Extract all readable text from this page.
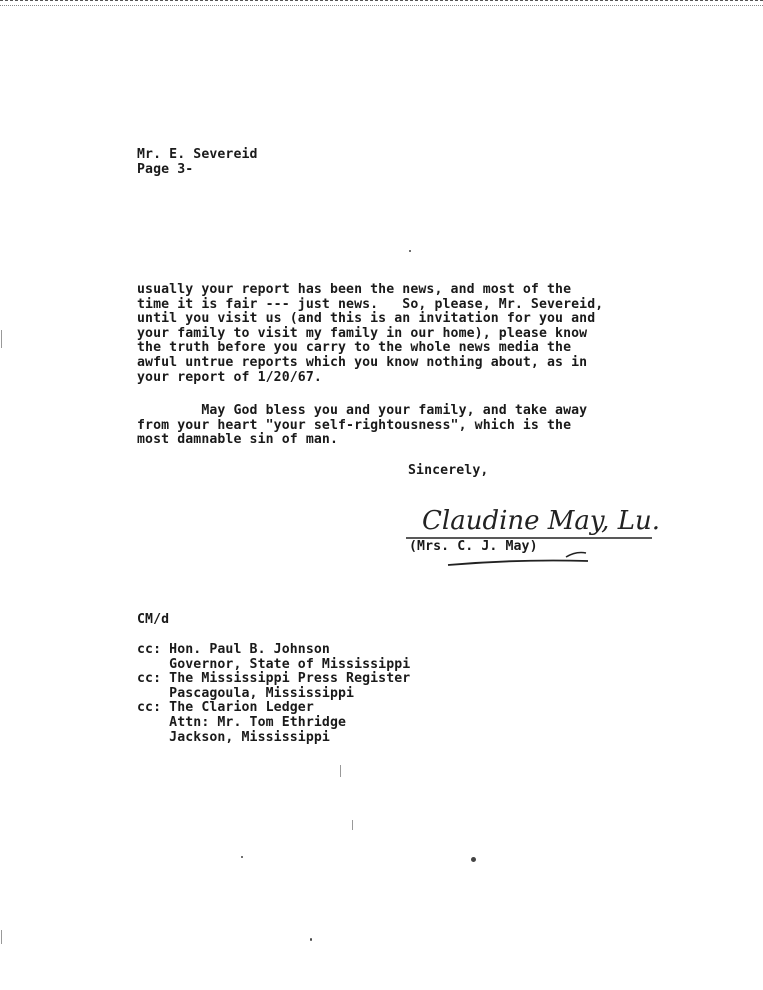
Mr. E. Severeid
Page 3-
usually your report has been the news, and most of the
time it is fair --- just news.   So, please, Mr. Severeid,
until you visit us (and this is an invitation for you and
your family to visit my family in our home), please know
the truth before you carry to the whole news media the
awful untrue reports which you know nothing about, as in
your report of 1/20/67.
May God bless you and your family, and take away
from your heart "your self-rightousness", which is the
most damnable sin of man.
Sincerely,
Claudine May, Lu.
(Mrs. C. J. May)
CM/d
cc: Hon. Paul B. Johnson
Governor, State of Mississippi
cc: The Mississippi Press Register
Pascagoula, Mississippi
cc: The Clarion Ledger
Attn: Mr. Tom Ethridge
Jackson, Mississippi
